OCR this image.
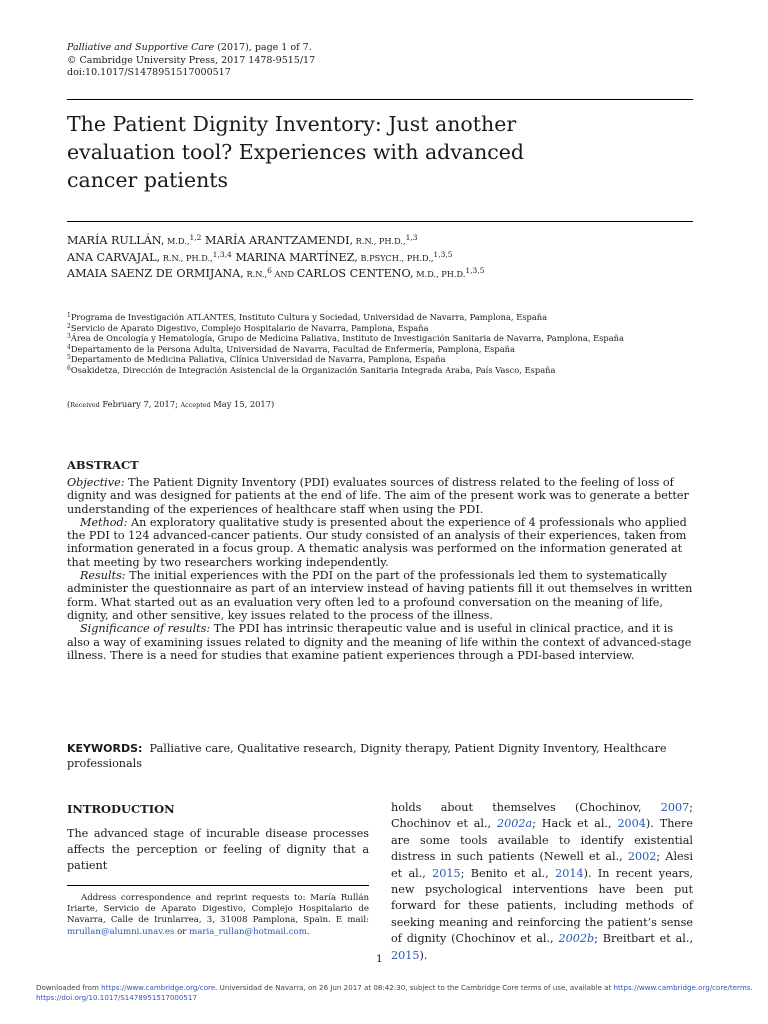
Palliative and Supportive Care (2017), page 1 of 7.
© Cambridge University Press, 2017 1478-9515/17
doi:10.1017/S1478951517000517
The Patient Dignity Inventory: Just another evaluation tool? Experiences with advanced cancer patients
MARÍA RULLÁN, M.D.,$^{1,2}$ MARÍA ARANTZAMENDI, R.N., PH.D.,$^{1,3}$
ANA CARVAJAL, R.N., PH.D.,$^{1,3,4}$ MARINA MARTÍNEZ, B.PSYCH., PH.D.,$^{1,3,5}$
AMAIA SAENZ DE ORMIJANA, R.N.,$^6$ AND CARLOS CENTENO, M.D., PH.D.$^{1,3,5}$
$^1$Programa de Investigación ATLANTES, Instituto Cultura y Sociedad, Universidad de Navarra, Pamplona, España
$^2$Servicio de Aparato Digestivo, Complejo Hospitalario de Navarra, Pamplona, España
$^3$Área de Oncología y Hematología, Grupo de Medicina Paliativa, Instituto de Investigación Sanitaria de Navarra, Pamplona, España
$^4$Departamento de la Persona Adulta, Universidad de Navarra, Facultad de Enfermería, Pamplona, España
$^5$Departamento de Medicina Paliativa, Clínica Universidad de Navarra, Pamplona, España
$^6$Osakidetza, Dirección de Integración Asistencial de la Organización Sanitaria Integrada Araba, País Vasco, España
(Received February 7, 2017; Accepted May 15, 2017)
ABSTRACT

Objective: The Patient Dignity Inventory (PDI) evaluates sources of distress related to the feeling of loss of dignity and was designed for patients at the end of life. The aim of the present work was to generate a better understanding of the experiences of healthcare staff when using the PDI.

Method: An exploratory qualitative study is presented about the experience of 4 professionals who applied the PDI to 124 advanced-cancer patients. Our study consisted of an analysis of their experiences, taken from information generated in a focus group. A thematic analysis was performed on the information generated at that meeting by two researchers working independently.

Results: The initial experiences with the PDI on the part of the professionals led them to systematically administer the questionnaire as part of an interview instead of having patients fill it out themselves in written form. What started out as an evaluation very often led to a profound conversation on the meaning of life, dignity, and other sensitive, key issues related to the process of the illness.

Significance of results: The PDI has intrinsic therapeutic value and is useful in clinical practice, and it is also a way of examining issues related to dignity and the meaning of life within the context of advanced-stage illness. There is a need for studies that examine patient experiences through a PDI-based interview.

KEYWORDS: Palliative care, Qualitative research, Dignity therapy, Patient Dignity Inventory, Healthcare professionals
INTRODUCTION
The advanced stage of incurable disease processes affects the perception or feeling of dignity that a patient
Address correspondence and reprint requests to: María Rullán Iriarte, Servicio de Aparato Digestivo, Complejo Hospitalario de Navarra, Calle de Irunlarrea, 3, 31008 Pamplona, Spain. E mail: mrullan@alumni.unav.es or maria_rullan@hotmail.com.
holds about themselves (Chochinov, 2007; Chochinov et al., 2002a; Hack et al., 2004). There are some tools available to identify existential distress in such patients (Newell et al., 2002; Alesi et al., 2015; Benito et al., 2014). In recent years, new psychological interventions have been put forward for these patients, including methods of seeking meaning and reinforcing the patient’s sense of dignity (Chochinov et al., 2002b; Breitbart et al., 2015).
1
Downloaded from https://www.cambridge.org/core. Universidad de Navarra, on 26 Jun 2017 at 08:42:30, subject to the Cambridge Core terms of use, available at https://www.cambridge.org/core/terms.
https://doi.org/10.1017/S1478951517000517
